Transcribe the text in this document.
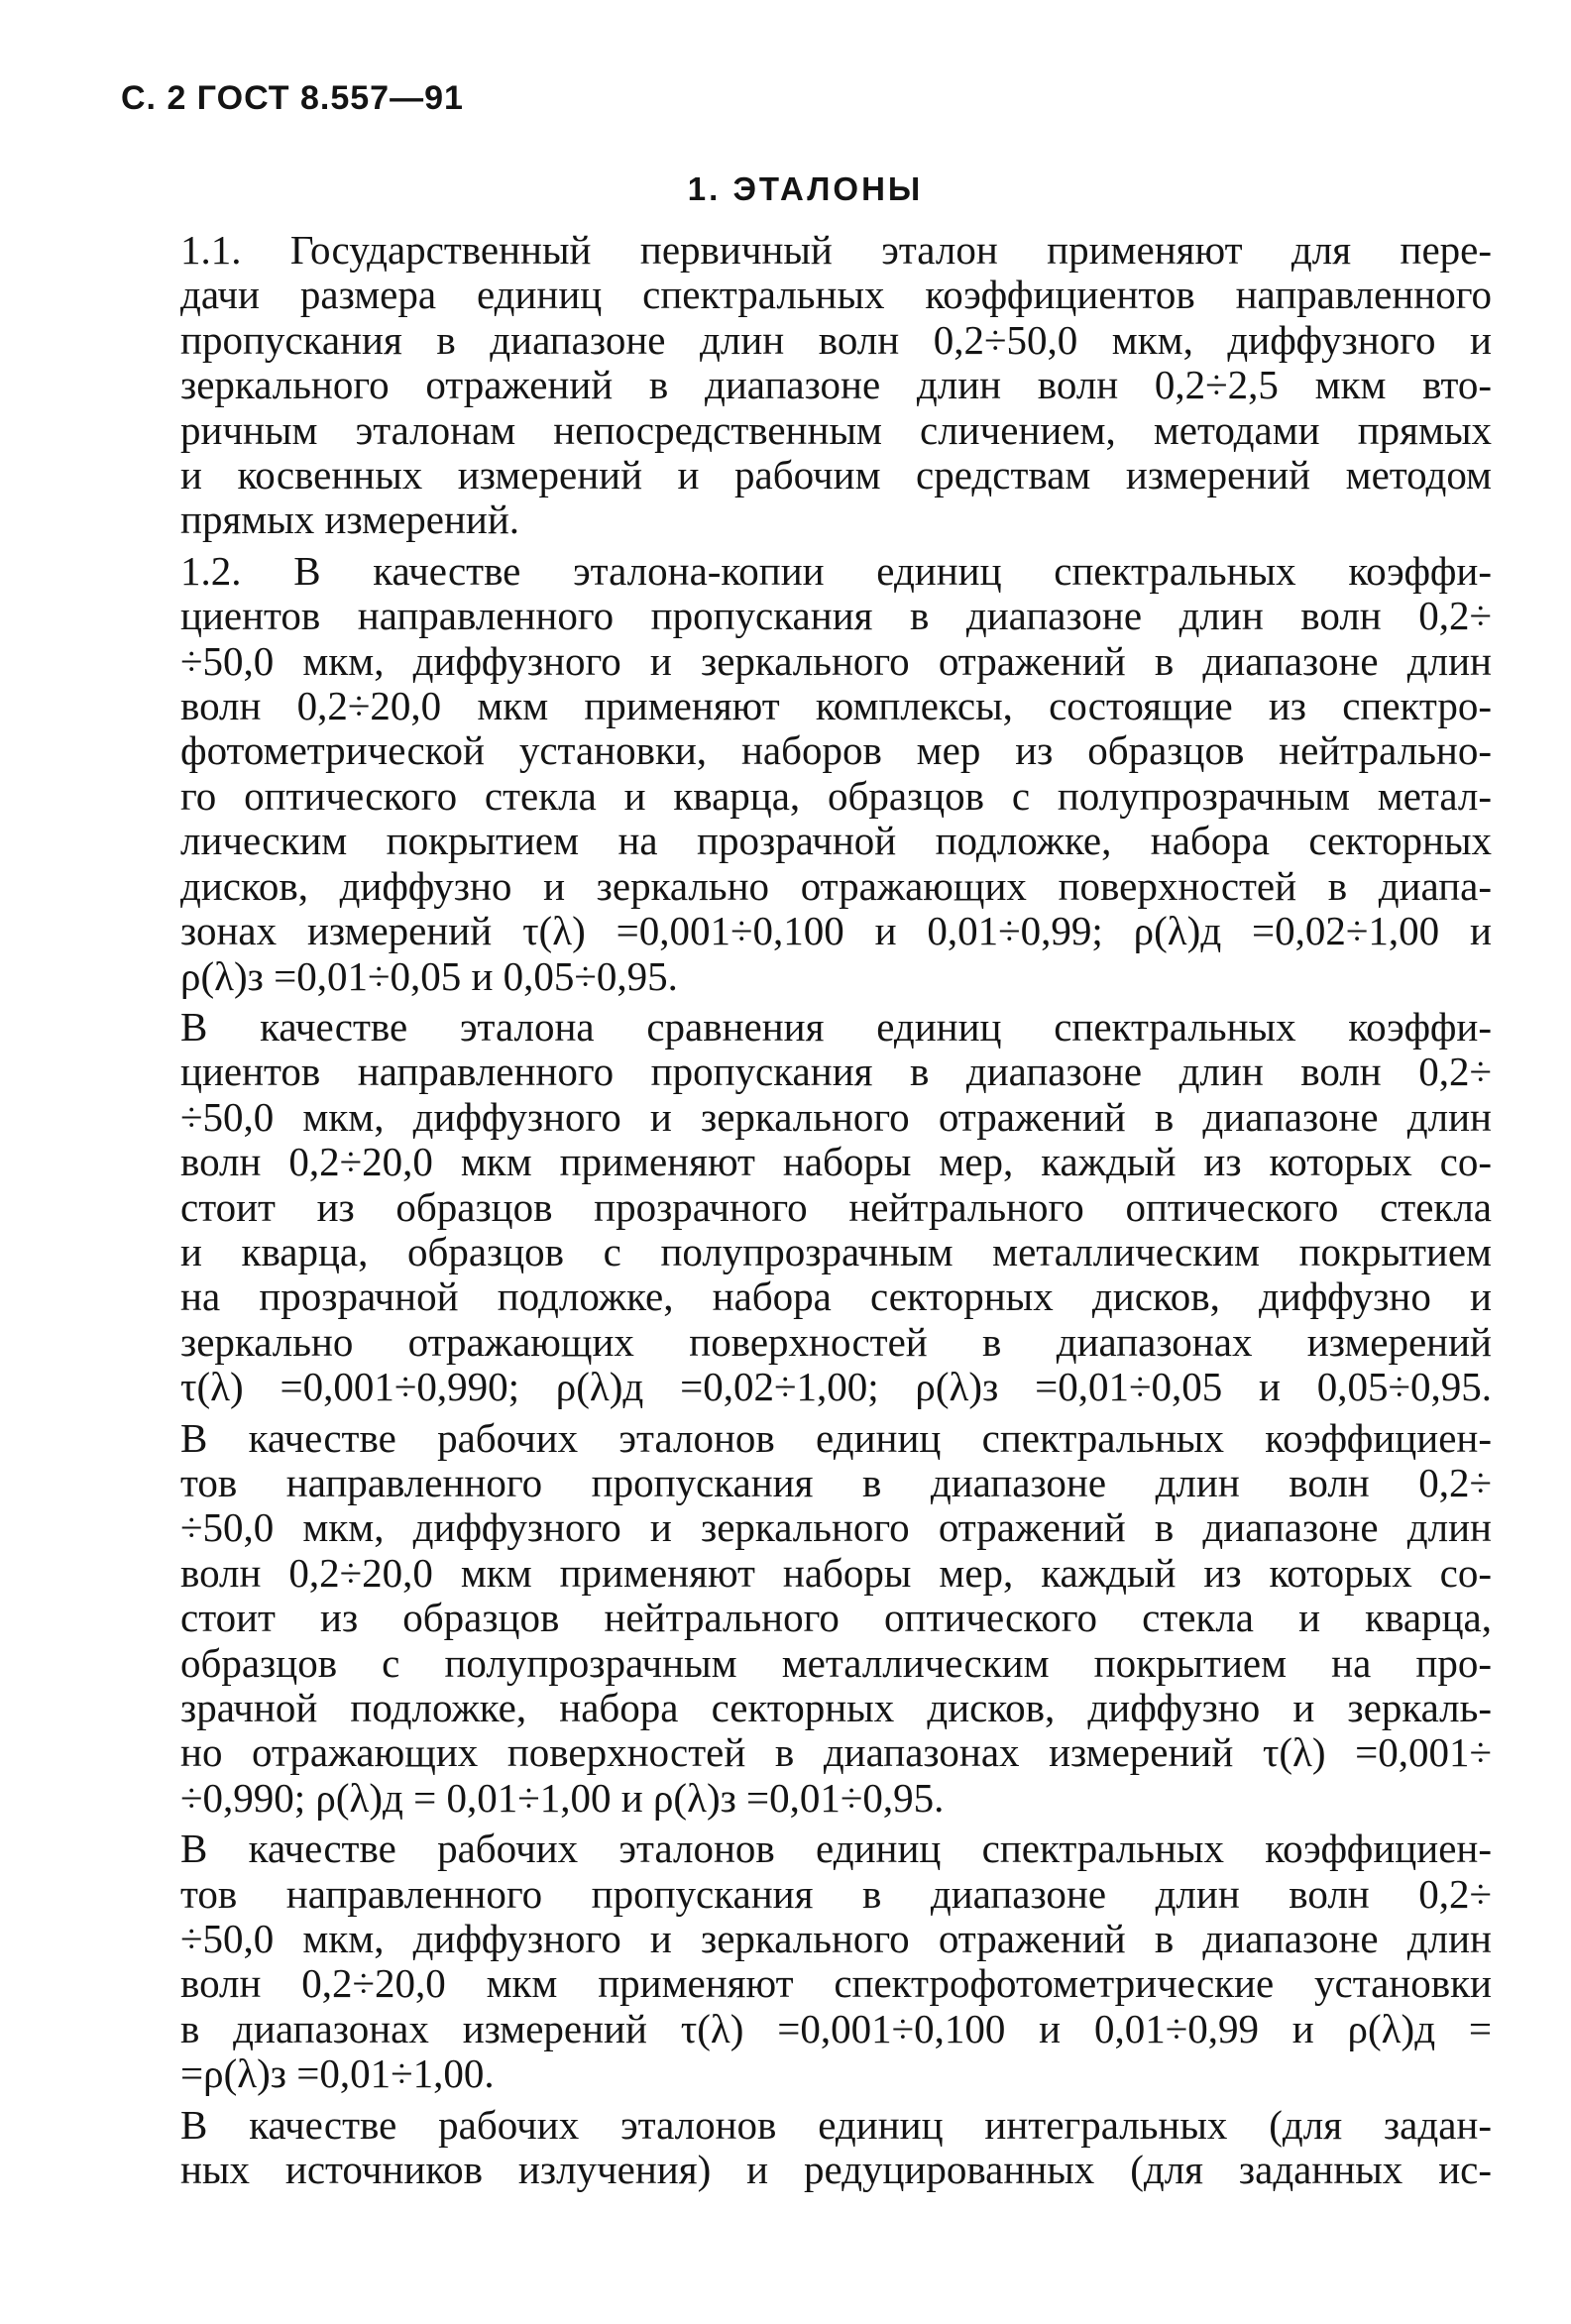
С. 2 ГОСТ 8.557—91
1. ЭТАЛОНЫ
1.1. Государственный первичный эталон применяют для пере-
дачи размера единиц спектральных коэффициентов направленного
пропускания в диапазоне длин волн 0,2÷50,0 мкм, диффузного и
зеркального отражений в диапазоне длин волн 0,2÷2,5 мкм вто-
ричным эталонам непосредственным сличением, методами прямых
и косвенных измерений и рабочим средствам измерений методом
прямых измерений.
1.2. В качестве эталона-копии единиц спектральных коэффи-
циентов направленного пропускания в диапазоне длин волн 0,2÷
÷50,0 мкм, диффузного и зеркального отражений в диапазоне длин
волн 0,2÷20,0 мкм применяют комплексы, состоящие из спектро-
фотометрической установки, наборов мер из образцов нейтрально-
го оптического стекла и кварца, образцов с полупрозрачным метал-
лическим покрытием на прозрачной подложке, набора секторных
дисков, диффузно и зеркально отражающих поверхностей в диапа-
зонах измерений τ(λ) =0,001÷0,100 и 0,01÷0,99; ρ(λ)д =0,02÷1,00 и
ρ(λ)з =0,01÷0,05 и 0,05÷0,95.
В качестве эталона сравнения единиц спектральных коэффи-
циентов направленного пропускания в диапазоне длин волн 0,2÷
÷50,0 мкм, диффузного и зеркального отражений в диапазоне длин
волн 0,2÷20,0 мкм применяют наборы мер, каждый из которых со-
стоит из образцов прозрачного нейтрального оптического стекла
и кварца, образцов с полупрозрачным металлическим покрытием
на прозрачной подложке, набора секторных дисков, диффузно и
зеркально отражающих поверхностей в диапазонах измерений
τ(λ) =0,001÷0,990; ρ(λ)д =0,02÷1,00; ρ(λ)з =0,01÷0,05 и 0,05÷0,95.
В качестве рабочих эталонов единиц спектральных коэффициен-
тов направленного пропускания в диапазоне длин волн 0,2÷
÷50,0 мкм, диффузного и зеркального отражений в диапазоне длин
волн 0,2÷20,0 мкм применяют наборы мер, каждый из которых со-
стоит из образцов нейтрального оптического стекла и кварца,
образцов с полупрозрачным металлическим покрытием на про-
зрачной подложке, набора секторных дисков, диффузно и зеркаль-
но отражающих поверхностей в диапазонах измерений τ(λ) =0,001÷
÷0,990; ρ(λ)д = 0,01÷1,00 и ρ(λ)з =0,01÷0,95.
В качестве рабочих эталонов единиц спектральных коэффициен-
тов направленного пропускания в диапазоне длин волн 0,2÷
÷50,0 мкм, диффузного и зеркального отражений в диапазоне длин
волн 0,2÷20,0 мкм применяют спектрофотометрические установки
в диапазонах измерений τ(λ) =0,001÷0,100 и 0,01÷0,99 и ρ(λ)д =
=ρ(λ)з =0,01÷1,00.
В качестве рабочих эталонов единиц интегральных (для задан-
ных источников излучения) и редуцированных (для заданных ис-
